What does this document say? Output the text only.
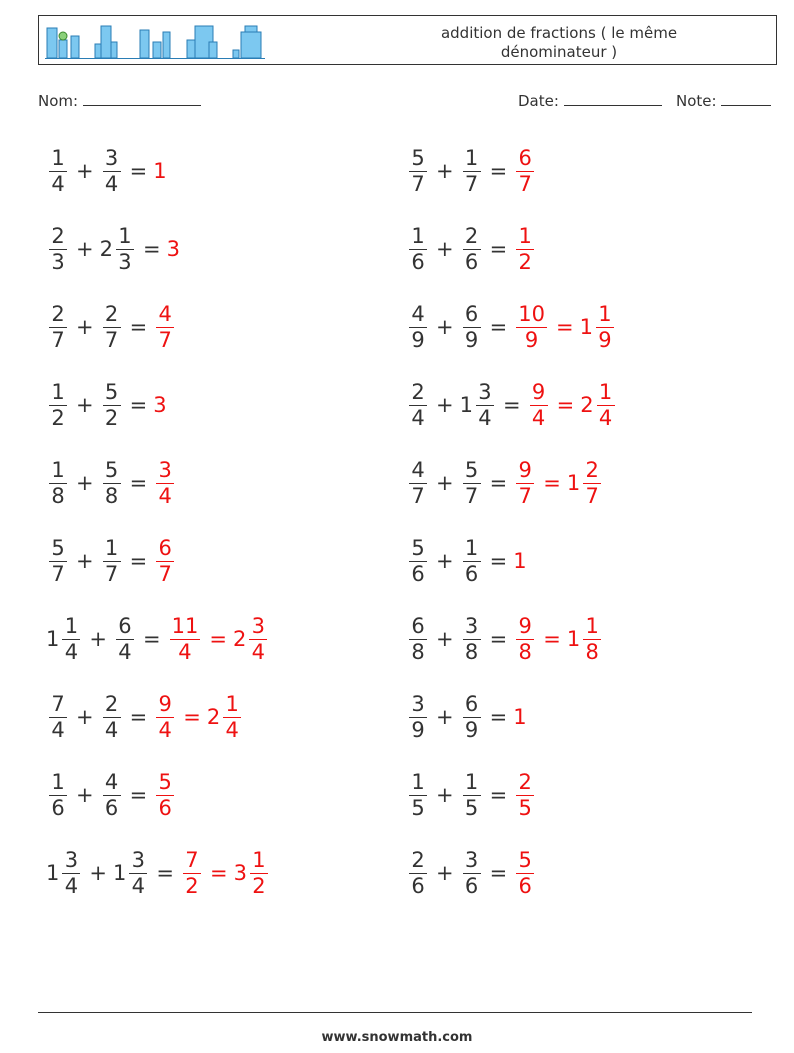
addition de fractions ( le même dénominateur )
Nom:	Date:	Note:
$\frac{1}{4} + \frac{3}{4} = 1$	$\frac{5}{7} + \frac{1}{7} = \frac{6}{7}$
$\frac{2}{3} + 2 \frac{1}{3} = 3$	$\frac{1}{6} + \frac{2}{6} = \frac{1}{2}$
$\frac{2}{7} + \frac{2}{7} = \frac{4}{7}$	$\frac{4}{9} + \frac{6}{9} = \frac{10}{9} = 1 \frac{1}{9}$
$\frac{1}{2} + \frac{5}{2} = 3$	$\frac{2}{4} + 1 \frac{3}{4} = \frac{9}{4} = 2 \frac{1}{4}$
$\frac{1}{8} + \frac{5}{8} = \frac{3}{4}$	$\frac{4}{7} + \frac{5}{7} = \frac{9}{7} = 1 \frac{2}{7}$
$\frac{5}{7} + \frac{1}{7} = \frac{6}{7}$	$\frac{5}{6} + \frac{1}{6} = 1$
$1 \frac{1}{4} + \frac{6}{4} = \frac{11}{4} = 2 \frac{3}{4}$	$\frac{6}{8} + \frac{3}{8} = \frac{9}{8} = 1 \frac{1}{8}$
$\frac{7}{4} + \frac{2}{4} = \frac{9}{4} = 2 \frac{1}{4}$	$\frac{3}{9} + \frac{6}{9} = 1$
$\frac{1}{6} + \frac{4}{6} = \frac{5}{6}$	$\frac{1}{5} + \frac{1}{5} = \frac{2}{5}$
$1 \frac{3}{4} + 1 \frac{3}{4} = \frac{7}{2} = 3 \frac{1}{2}$	$\frac{2}{6} + \frac{3}{6} = \frac{5}{6}$
www.snowmath.com
